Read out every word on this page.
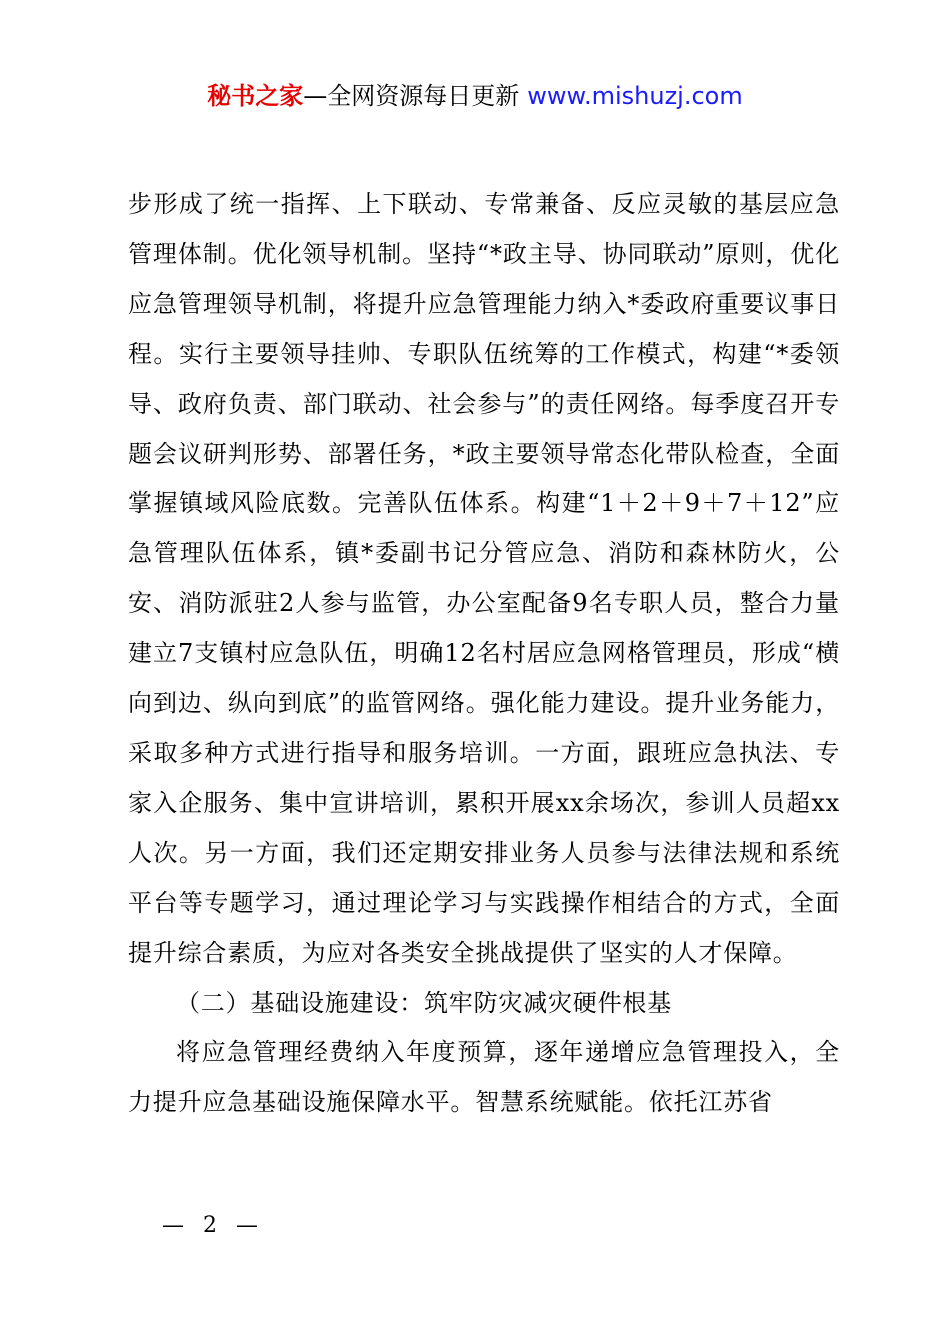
秘书之家—全网资源每日更新 www.mishuzj.com

步形成了统一指挥、上下联动、专常兼备、反应灵敏的基层应急管理体制。优化领导机制。坚持“*政主导、协同联动”原则，优化应急管理领导机制，将提升应急管理能力纳入*委政府重要议事日程。实行主要领导挂帅、专职队伍统筹的工作模式，构建“*委领导、政府负责、部门联动、社会参与”的责任网络。每季度召开专题会议研判形势、部署任务，*政主要领导常态化带队检查，全面掌握镇域风险底数。完善队伍体系。构建“1＋2＋9＋7＋12”应急管理队伍体系，镇*委副书记分管应急、消防和森林防火，公安、消防派驻2人参与监管，办公室配备9名专职人员，整合力量建立7支镇村应急队伍，明确12名村居应急网格管理员，形成“横向到边、纵向到底”的监管网络。强化能力建设。提升业务能力，采取多种方式进行指导和服务培训。一方面，跟班应急执法、专家入企服务、集中宣讲培训，累积开展xx余场次，参训人员超xx人次。另一方面，我们还定期安排业务人员参与法律法规和系统平台等专题学习，通过理论学习与实践操作相结合的方式，全面提升综合素质，为应对各类安全挑战提供了坚实的人才保障。

（二）基础设施建设：筑牢防灾减灾硬件根基

将应急管理经费纳入年度预算，逐年递增应急管理投入，全力提升应急基础设施保障水平。智慧系统赋能。依托江苏省

— 2 —
